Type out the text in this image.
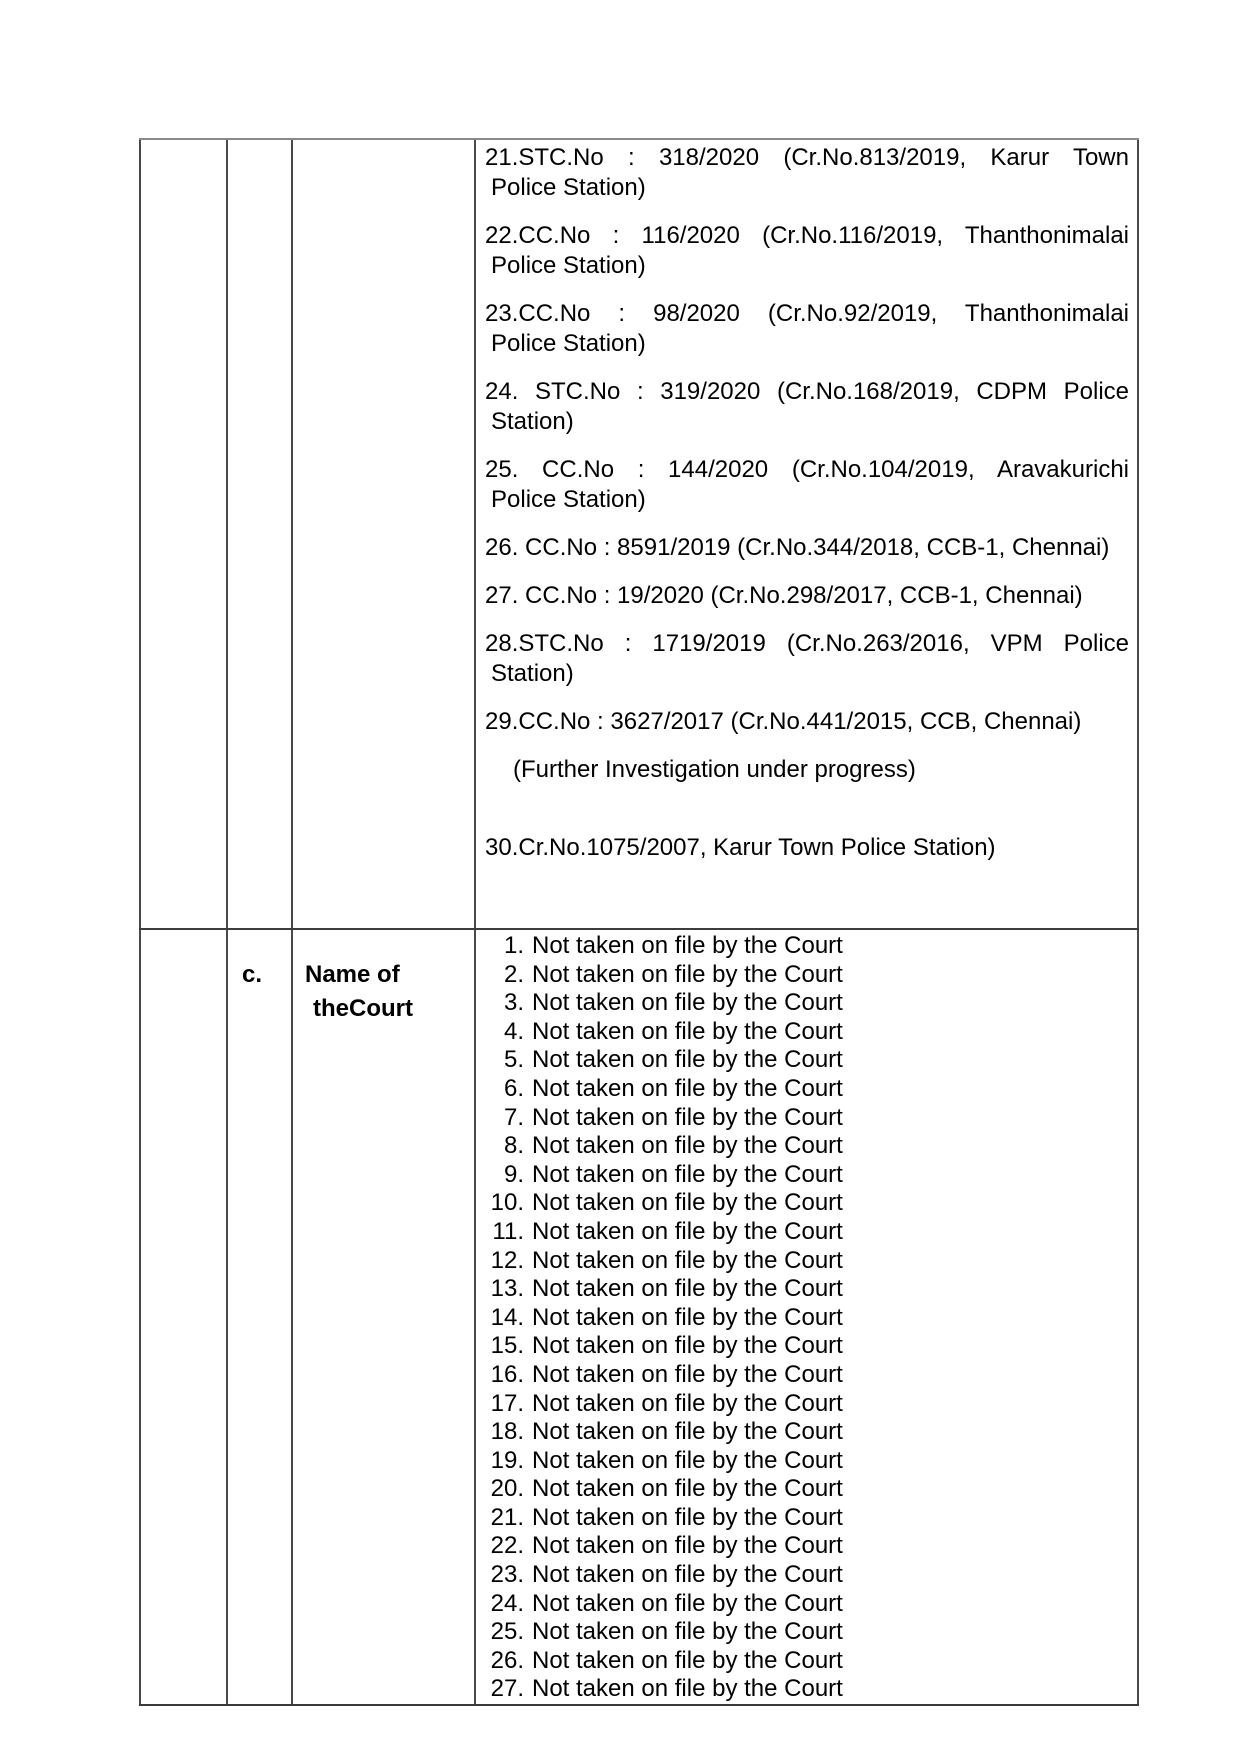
21.STC.No : 318/2020 (Cr.No.813/2019, Karur Town
Police Station)
22.CC.No : 116/2020 (Cr.No.116/2019, Thanthonimalai
Police Station)
23.CC.No : 98/2020 (Cr.No.92/2019, Thanthonimalai
Police Station)
24. STC.No : 319/2020 (Cr.No.168/2019, CDPM Police
Station)
25. CC.No : 144/2020 (Cr.No.104/2019, Aravakurichi
Police Station)
26. CC.No : 8591/2019 (Cr.No.344/2018, CCB-1, Chennai)
27. CC.No : 19/2020 (Cr.No.298/2017, CCB-1, Chennai)
28.STC.No : 1719/2019 (Cr.No.263/2016, VPM Police
Station)
29.CC.No : 3627/2017 (Cr.No.441/2015, CCB, Chennai)
(Further Investigation under progress)
30.Cr.No.1075/2007, Karur Town Police Station)
c.	Name of
theCourt
1. Not taken on file by the Court
2. Not taken on file by the Court
3. Not taken on file by the Court
4. Not taken on file by the Court
5. Not taken on file by the Court
6. Not taken on file by the Court
7. Not taken on file by the Court
8. Not taken on file by the Court
9. Not taken on file by the Court
10. Not taken on file by the Court
11. Not taken on file by the Court
12. Not taken on file by the Court
13. Not taken on file by the Court
14. Not taken on file by the Court
15. Not taken on file by the Court
16. Not taken on file by the Court
17. Not taken on file by the Court
18. Not taken on file by the Court
19. Not taken on file by the Court
20. Not taken on file by the Court
21. Not taken on file by the Court
22. Not taken on file by the Court
23. Not taken on file by the Court
24. Not taken on file by the Court
25. Not taken on file by the Court
26. Not taken on file by the Court
27. Not taken on file by the Court
